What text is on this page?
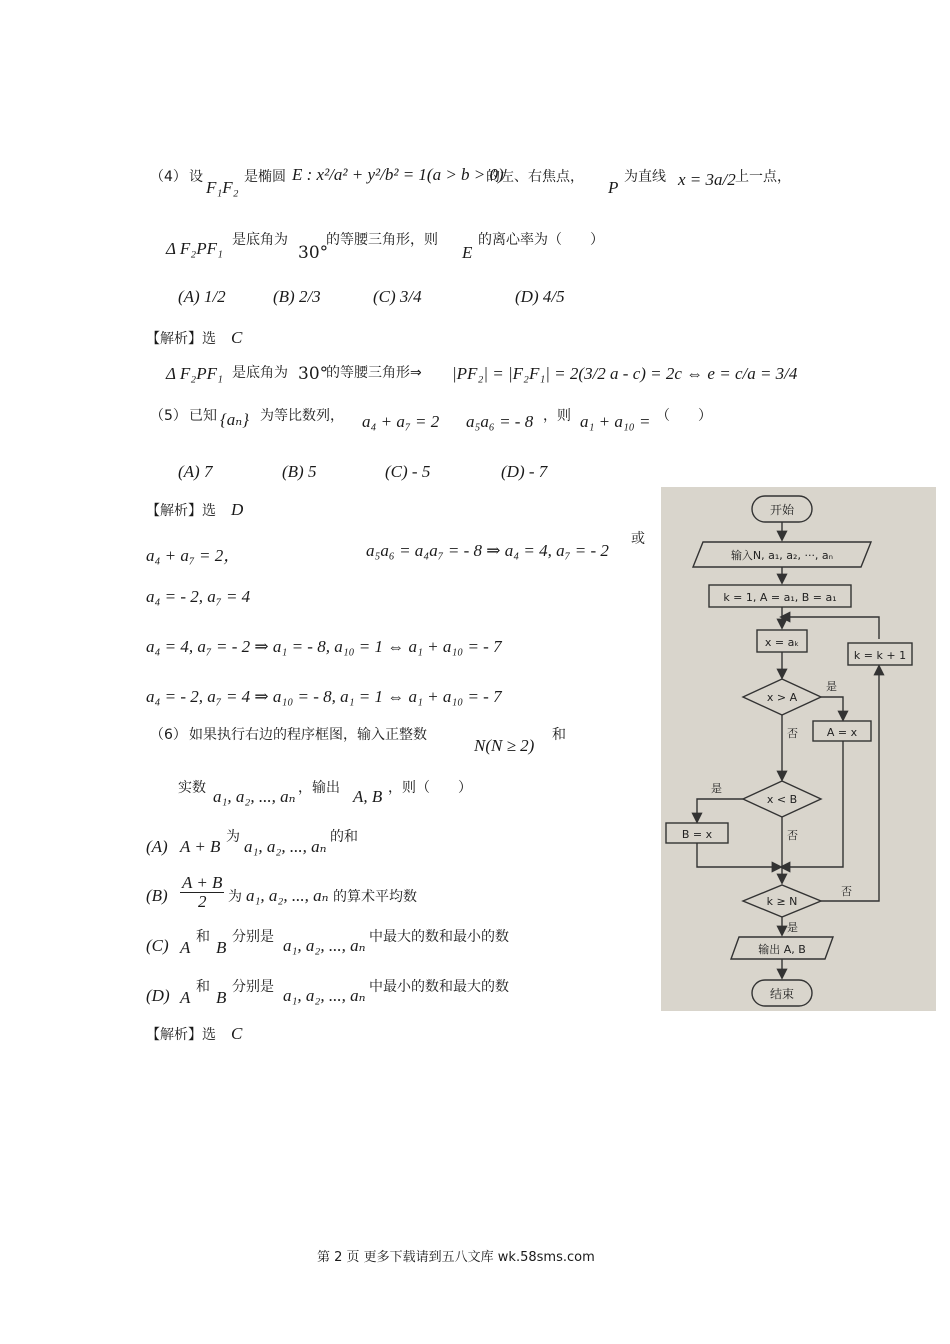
（4） 设
F₁F₂
是椭圆 E : x²/a² + y²/b² = 1(a > b > 0)
的左、右焦点，
P
为直线 x = 3a/2 上一点，
Δ F₂PF₁ 是底角为
30°
的等腰三角形，则
E
的离心率为（　　）
(A) 1/2	(B) 2/3	(C) 3/4	(D) 4/5
【解析】选 C
Δ F₂PF₁ 是底角为 30°
的等腰三角形⇒ |PF₂| = |F₂F₁| = 2(3/2 a - c) = 2c ⇔ e = c/a = 3/4
（5） 已知 {aₙ} 为等比数列， a₄ + a₇ = 2 a₅a₆ = - 8 ，则 a₁ + a₁₀ = （　　）
(A) 7	(B) 5	(C) - 5	(D) - 7
【解析】选 D
a₄ + a₇ = 2，	a₅a₆ = a₄a₇ = - 8 ⇒ a₄ = 4, a₇ = - 2
或
a₄ = - 2, a₇ = 4
a₄ = 4, a₇ = - 2 ⇒ a₁ = - 8, a₁₀ = 1 ⇔ a₁ + a₁₀ = - 7
a₄ = - 2, a₇ = 4 ⇒ a₁₀ = - 8, a₁ = 1 ⇔ a₁ + a₁₀ = - 7
（6） 如果执行右边的程序框图，输入正整数
N(N ≥ 2)
和
实数 a₁, a₂, ..., aₙ ，输出 A, B ，则（　　）
(A) A + B 为 a₁, a₂, ..., aₙ 的和
$(B) \frac{A + B}{2}$ 为 a₁, a₂, ..., aₙ 的算术平均数
(C) A
和
B
分别是 a₁, a₂, ..., aₙ 中最大的数和最小的数
(D) A
和
B
分别是 a₁, a₂, ..., aₙ 中最小的数和最大的数
【解析】选 C
开始
输入N, a₁, a₂, ···, aₙ
k = 1, A = a₁, B = a₁
x = aₖ
k = k + 1
x > A
是
A = x
否
x < B
是
B = x	否
k ≥ N
否
是
输出 A, B
结束
第 2 页 更多下载请到五八文库 wk.58sms.com
